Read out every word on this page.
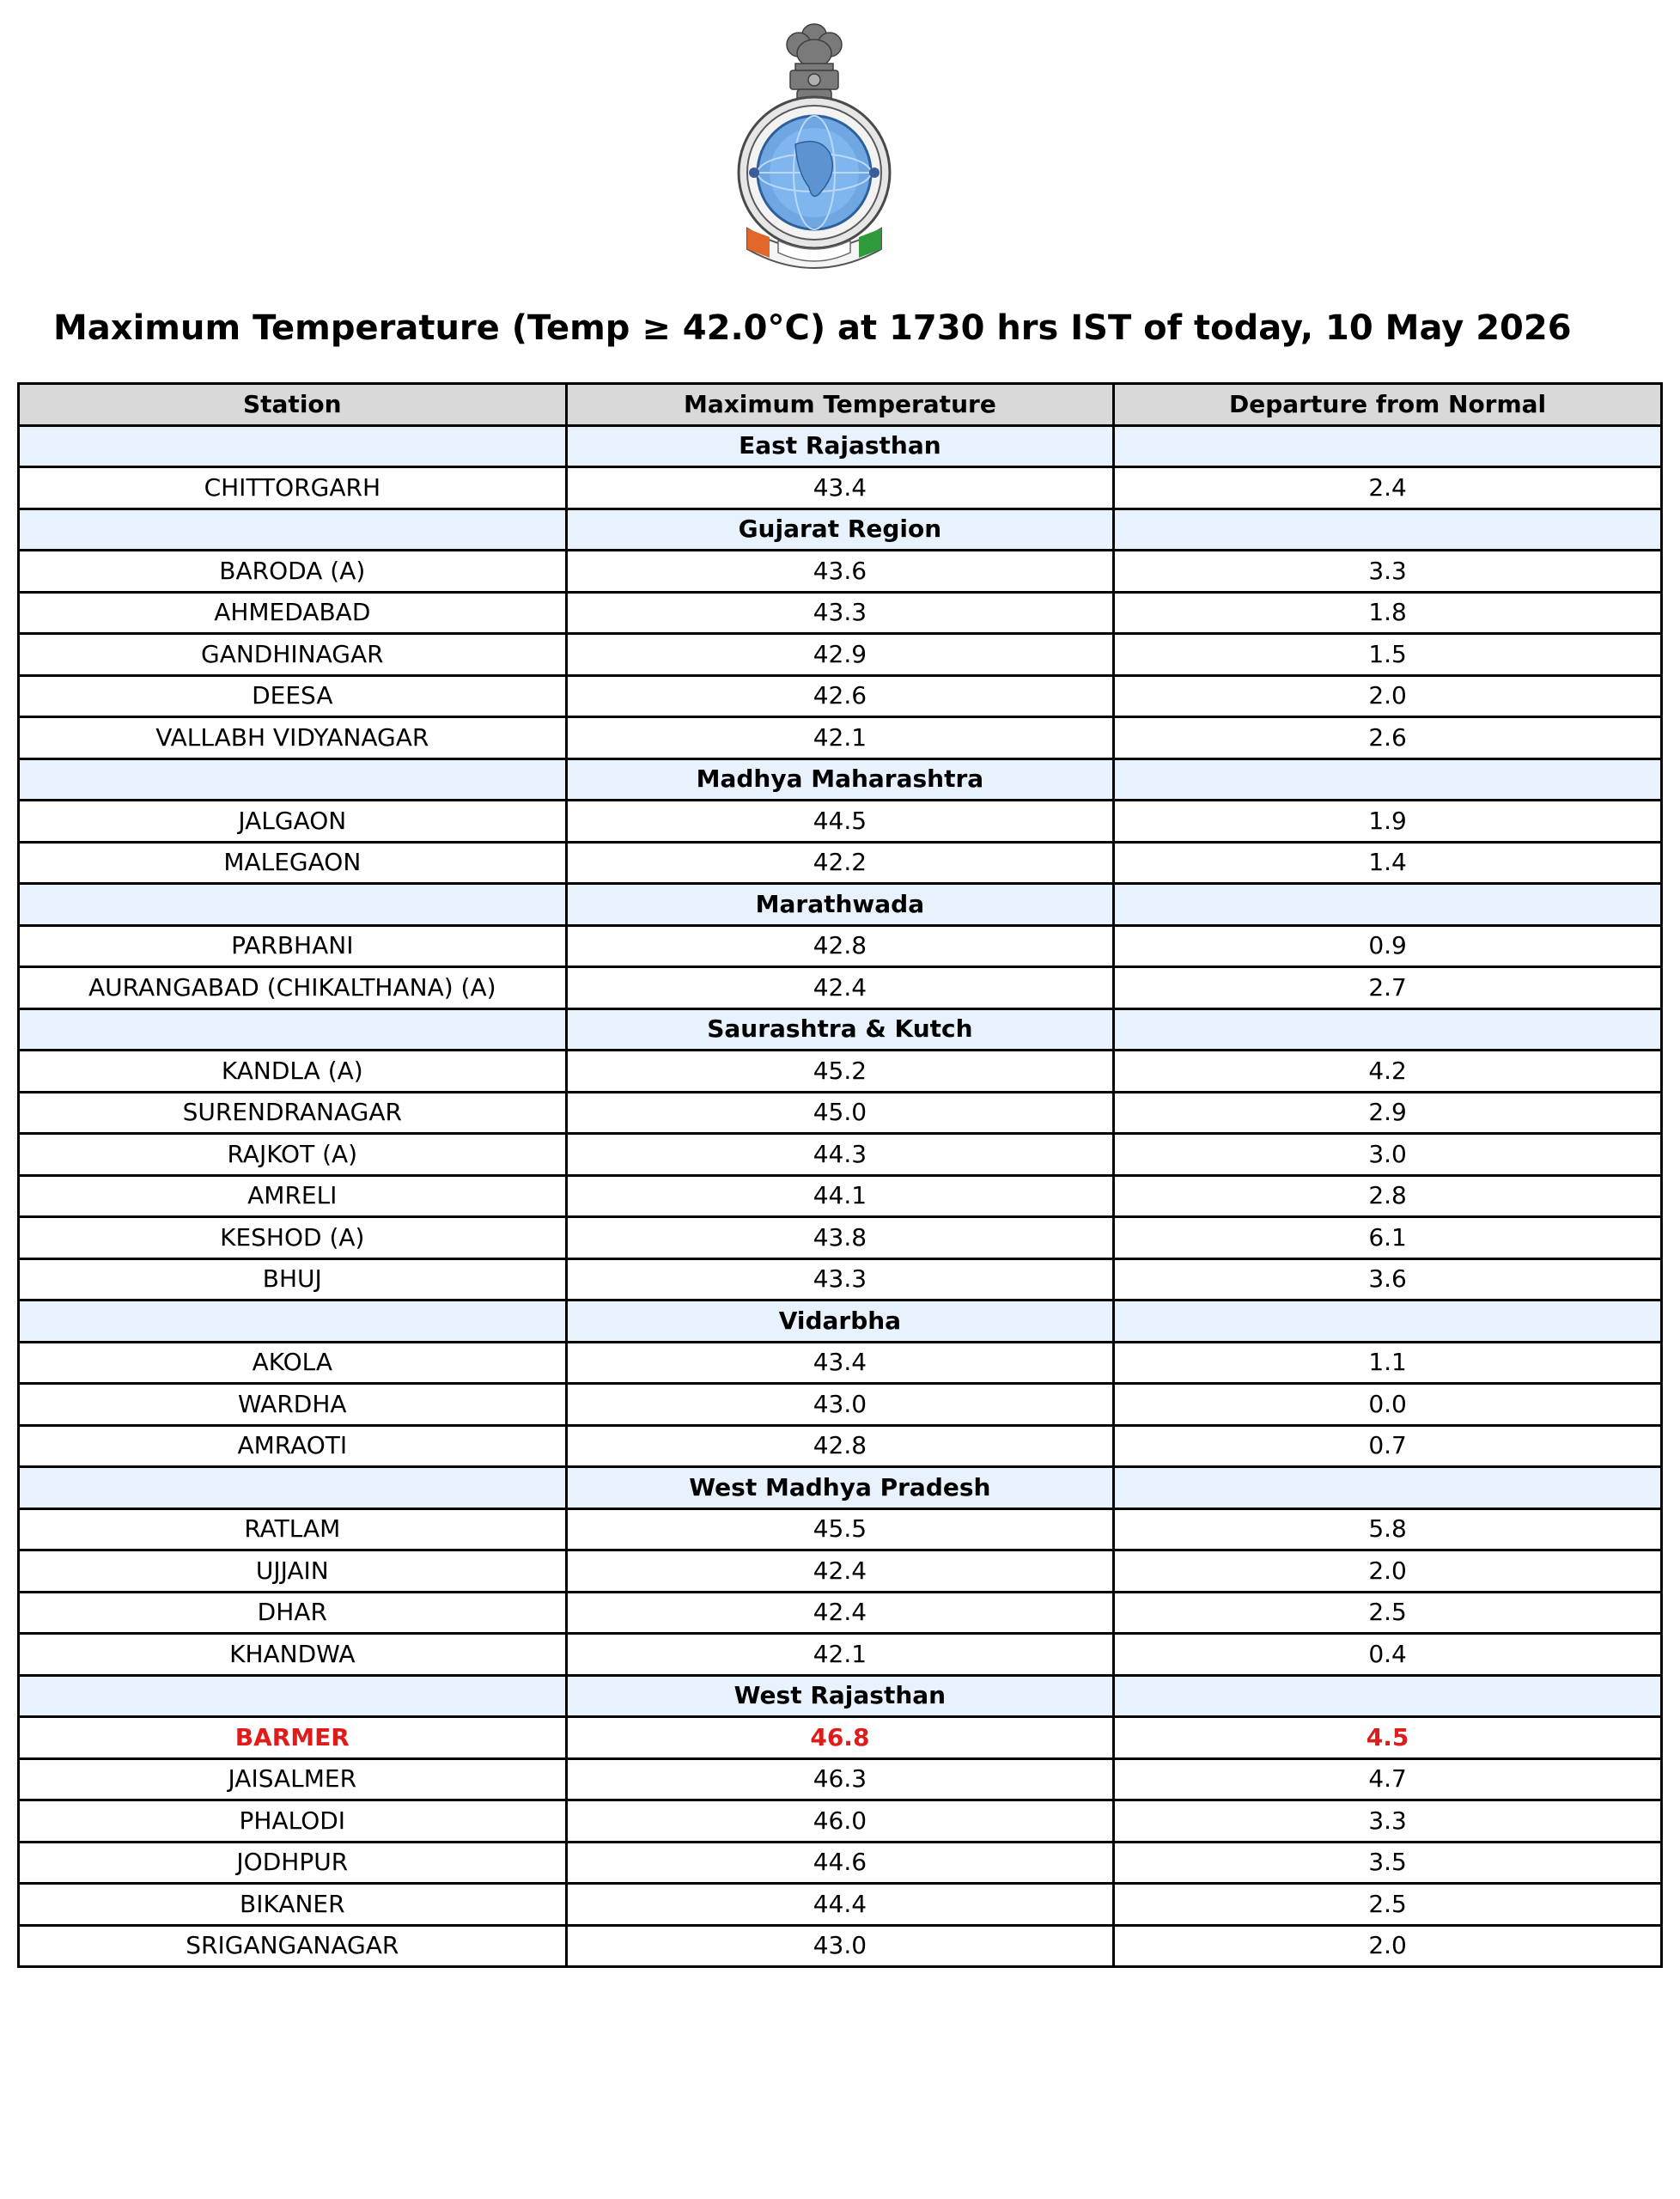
Maximum Temperature (Temp ≥ 42.0°C) at 1730 hrs IST of today, 10 May 2026
Station	Maximum Temperature	Departure from Normal
	East Rajasthan	
CHITTORGARH	43.4	2.4
	Gujarat Region	
BARODA (A)	43.6	3.3
AHMEDABAD	43.3	1.8
GANDHINAGAR	42.9	1.5
DEESA	42.6	2.0
VALLABH VIDYANAGAR	42.1	2.6
	Madhya Maharashtra	
JALGAON	44.5	1.9
MALEGAON	42.2	1.4
	Marathwada	
PARBHANI	42.8	0.9
AURANGABAD (CHIKALTHANA) (A)	42.4	2.7
	Saurashtra & Kutch	
KANDLA (A)	45.2	4.2
SURENDRANAGAR	45.0	2.9
RAJKOT (A)	44.3	3.0
AMRELI	44.1	2.8
KESHOD (A)	43.8	6.1
BHUJ	43.3	3.6
	Vidarbha	
AKOLA	43.4	1.1
WARDHA	43.0	0.0
AMRAOTI	42.8	0.7
	West Madhya Pradesh	
RATLAM	45.5	5.8
UJJAIN	42.4	2.0
DHAR	42.4	2.5
KHANDWA	42.1	0.4
	West Rajasthan	
BARMER	46.8	4.5
JAISALMER	46.3	4.7
PHALODI	46.0	3.3
JODHPUR	44.6	3.5
BIKANER	44.4	2.5
SRIGANGANAGAR	43.0	2.0
